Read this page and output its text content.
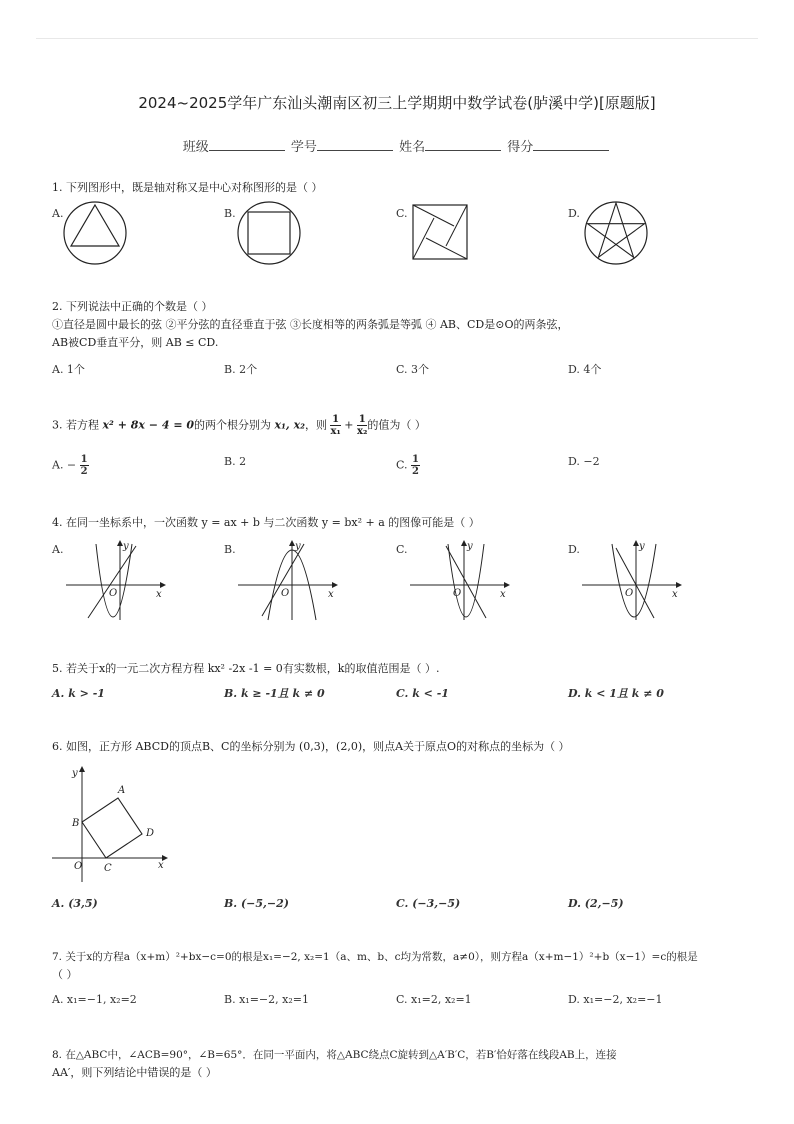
2024~2025学年广东汕头潮南区初三上学期期中数学试卷(胪溪中学)[原题版]
班级	学号	姓名	得分
1. 下列图形中，既是轴对称又是中心对称图形的是（ ）
A.	B.	C.	D.
2. 下列说法中正确的个数是（ ）
①直径是圆中最长的弦 ②平分弦的直径垂直于弦 ③长度相等的两条弧是等弧 ④ AB、CD是⊙O的两条弦，
AB被CD垂直平分，则 AB ≤ CD.
A. 1个	B. 2个	C. 3个	D. 4个
3. 若方程 x² + 8x − 4 = 0的两个根分别为 x₁, x₂，则 $\frac{1}{\text{x₁}} + \frac{1}{\text{x₂}}$ 的值为（ ）
A. − $\frac{1}{2}$	B. 2	C. $\frac{1}{2}$	D. −2
4. 在同一坐标系中，一次函数 y = ax + b 与二次函数 y = bx² + a 的图像可能是（ ）
A.	B.	C.	D.
y
x
O
y
x
O
y
x
O
y
x
O
5. 若关于x的一元二次方程方程 kx² -2x -1 = 0有实数根，k的取值范围是（ ）.
A. k > -1	B. k ≥ -1且 k ≠ 0	C. k < -1	D. k < 1且 k ≠ 0
6. 如图，正方形 ABCD的顶点B、C的坐标分别为 (0,3)，(2,0)，则点A关于原点O的对称点的坐标为（ ）
y
x
O
B
C
D
A
A. (3,5)	B. (−5,−2)	C. (−3,−5)	D. (2,−5)
7. 关于x的方程a（x+m）²+bx−c=0的根是x₁=−2, x₂=1（a、m、b、c均为常数，a≠0），则方程a（x+m−1）²+b（x−1）=c的根是
（ ）
A. x₁=−1, x₂=2	B. x₁=−2, x₂=1	C. x₁=2, x₂=1	D. x₁=−2, x₂=−1
8. 在△ABC中，∠ACB=90°，∠B=65°．在同一平面内，将△ABC绕点C旋转到△A′B′C，若B′恰好落在线段AB上，连接
AA′，则下列结论中错误的是（ ）
